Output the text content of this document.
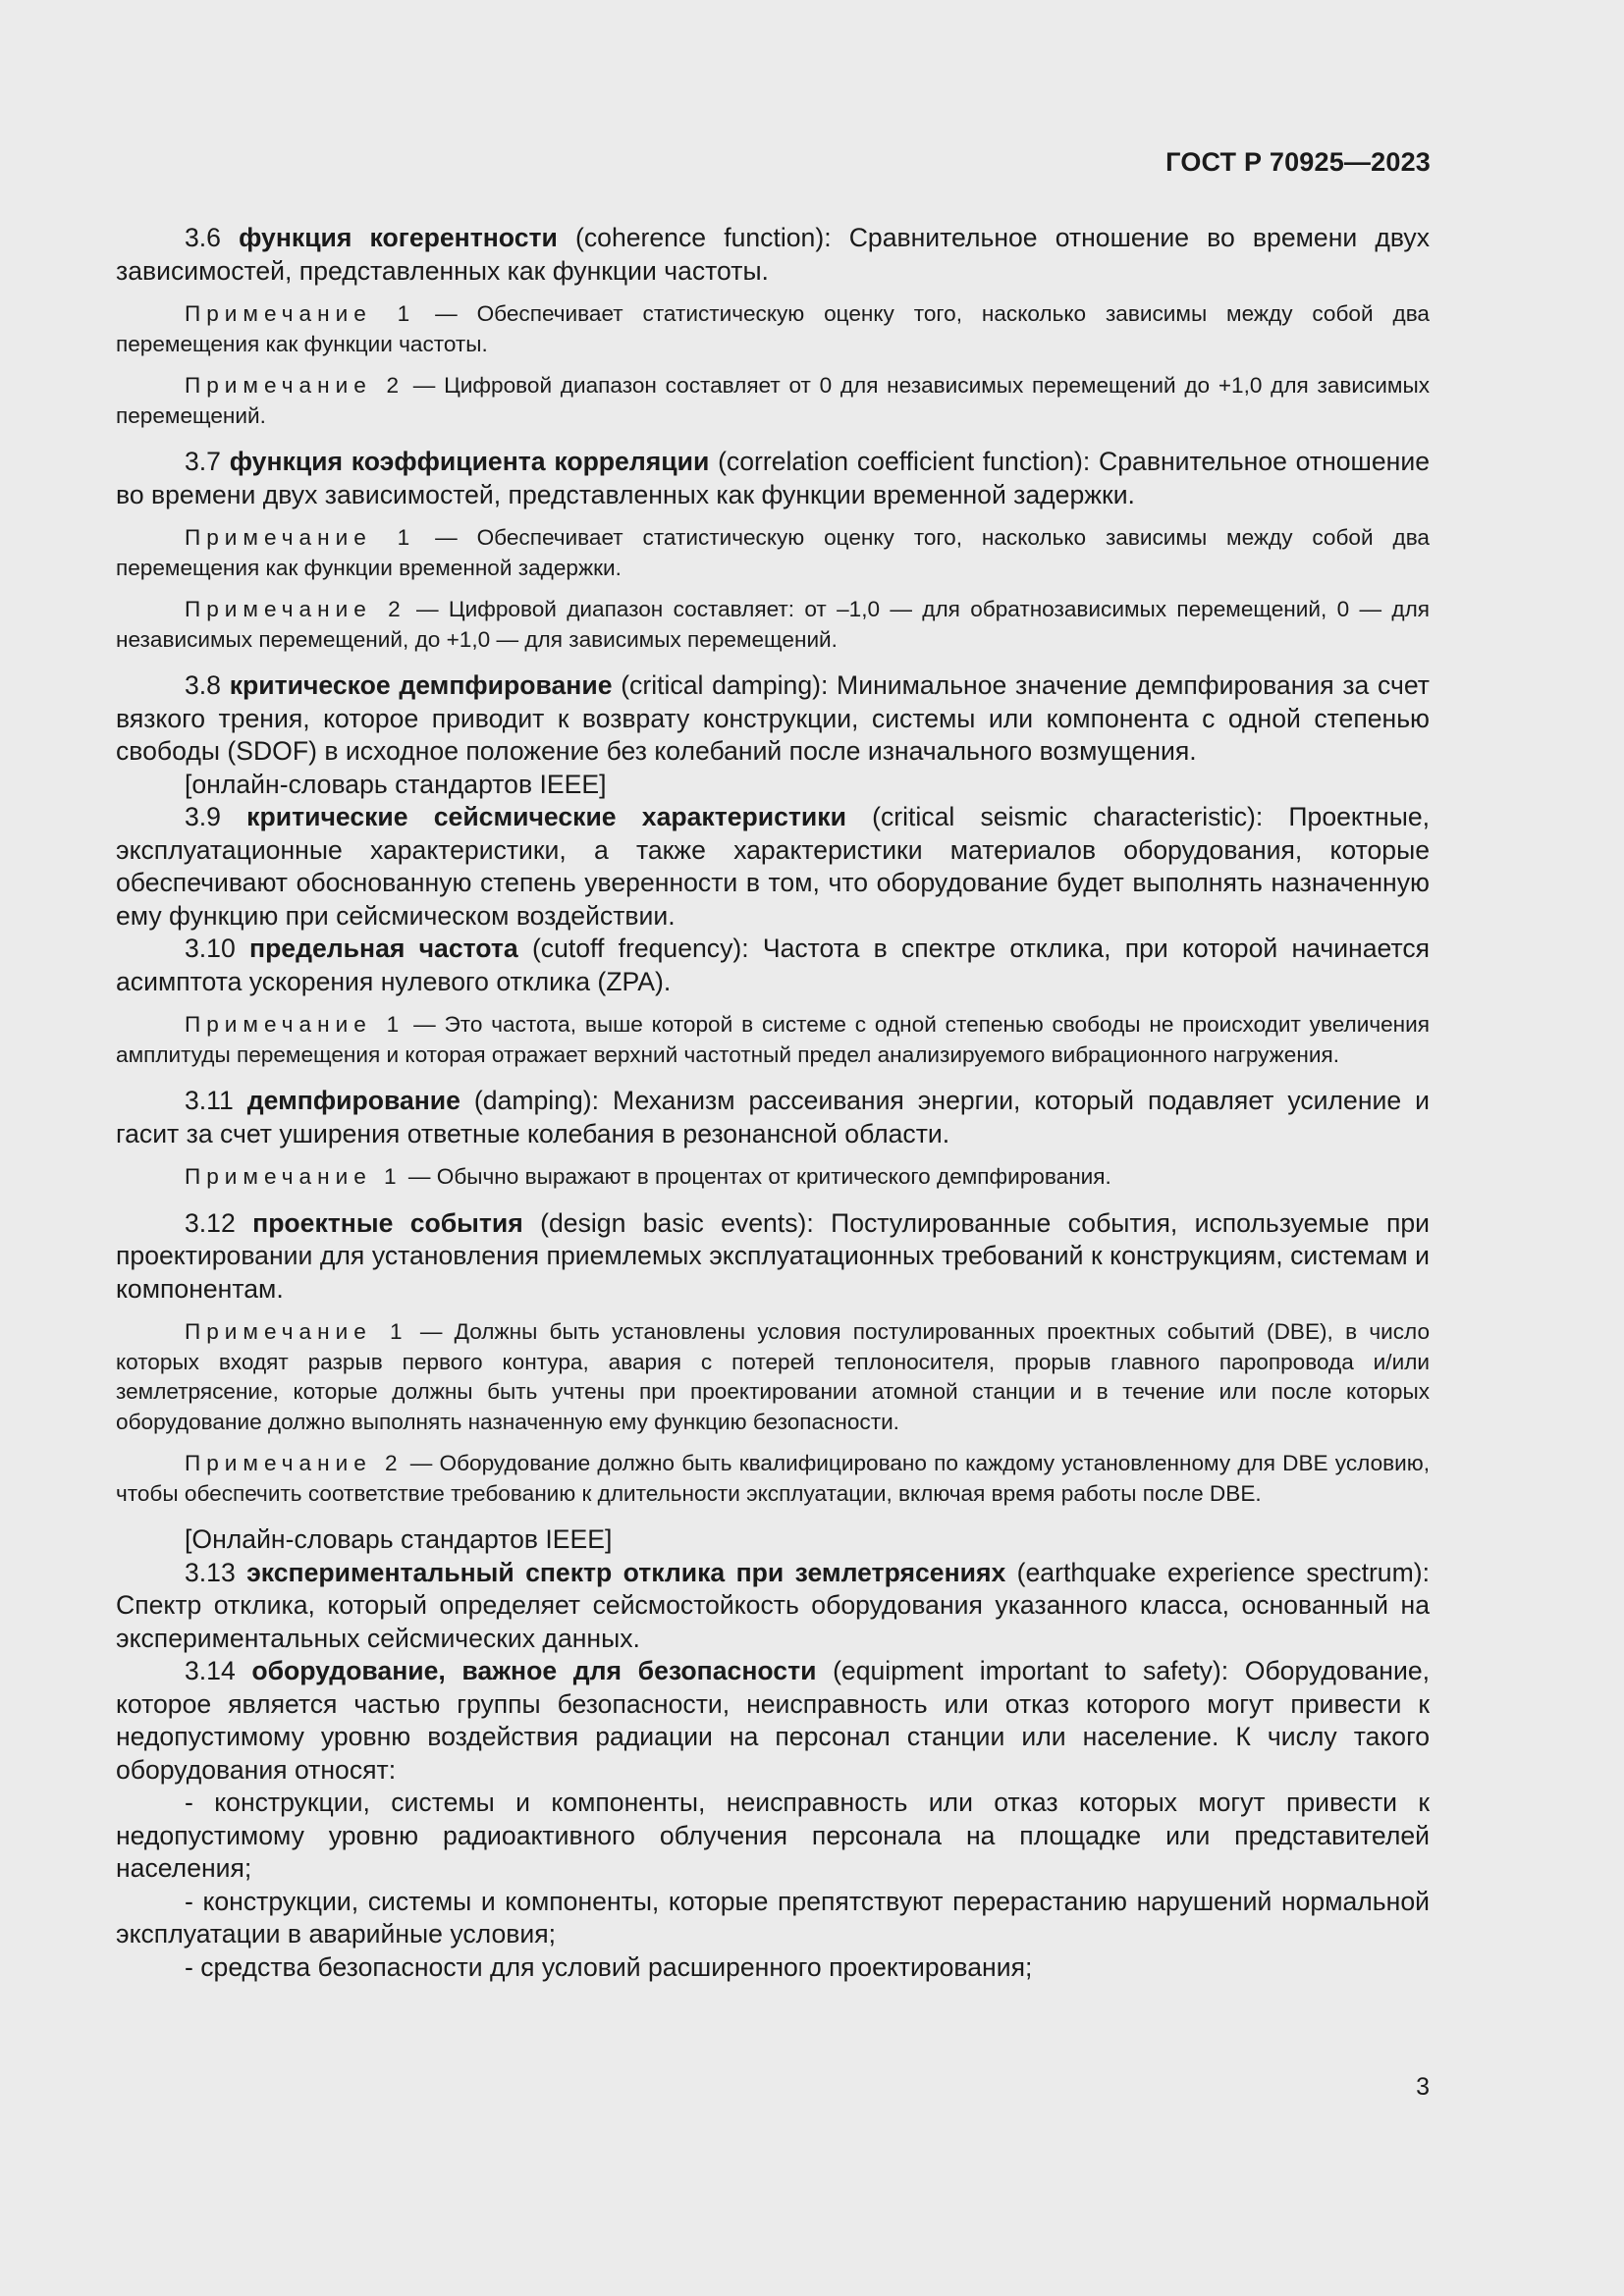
ГОСТ Р 70925—2023

3.6 функция когерентности (coherence function): Сравнительное отношение во времени двух зависимостей, представленных как функции частоты.

Примечание 1 — Обеспечивает статистическую оценку того, насколько зависимы между собой два перемещения как функции частоты.

Примечание 2 — Цифровой диапазон составляет от 0 для независимых перемещений до +1,0 для зависимых перемещений.

3.7 функция коэффициента корреляции (correlation coefficient function): Сравнительное отношение во времени двух зависимостей, представленных как функции временной задержки.

Примечание 1 — Обеспечивает статистическую оценку того, насколько зависимы между собой два перемещения как функции временной задержки.

Примечание 2 — Цифровой диапазон составляет: от –1,0 — для обратнозависимых перемещений, 0 — для независимых перемещений, до +1,0 — для зависимых перемещений.

3.8 критическое демпфирование (critical damping): Минимальное значение демпфирования за счет вязкого трения, которое приводит к возврату конструкции, системы или компонента с одной степенью свободы (SDOF) в исходное положение без колебаний после изначального возмущения.

[онлайн-словарь стандартов IEEE]

3.9 критические сейсмические характеристики (critical seismic characteristic): Проектные, эксплуатационные характеристики, а также характеристики материалов оборудования, которые обеспечивают обоснованную степень уверенности в том, что оборудование будет выполнять назначенную ему функцию при сейсмическом воздействии.

3.10 предельная частота (cutoff frequency): Частота в спектре отклика, при которой начинается асимптота ускорения нулевого отклика (ZPA).

Примечание 1 — Это частота, выше которой в системе с одной степенью свободы не происходит увеличения амплитуды перемещения и которая отражает верхний частотный предел анализируемого вибрационного нагружения.

3.11 демпфирование (damping): Механизм рассеивания энергии, который подавляет усиление и гасит за счет уширения ответные колебания в резонансной области.

Примечание 1 — Обычно выражают в процентах от критического демпфирования.

3.12 проектные события (design basic events): Постулированные события, используемые при проектировании для установления приемлемых эксплуатационных требований к конструкциям, системам и компонентам.

Примечание 1 — Должны быть установлены условия постулированных проектных событий (DBE), в число которых входят разрыв первого контура, авария с потерей теплоносителя, прорыв главного паропровода и/или землетрясение, которые должны быть учтены при проектировании атомной станции и в течение или после которых оборудование должно выполнять назначенную ему функцию безопасности.

Примечание 2 — Оборудование должно быть квалифицировано по каждому установленному для DBE условию, чтобы обеспечить соответствие требованию к длительности эксплуатации, включая время работы после DBE.

[Онлайн-словарь стандартов IEEE]

3.13 экспериментальный спектр отклика при землетрясениях (earthquake experience spectrum): Спектр отклика, который определяет сейсмостойкость оборудования указанного класса, основанный на экспериментальных сейсмических данных.

3.14 оборудование, важное для безопасности (equipment important to safety): Оборудование, которое является частью группы безопасности, неисправность или отказ которого могут привести к недопустимому уровню воздействия радиации на персонал станции или население. К числу такого оборудования относят:

- конструкции, системы и компоненты, неисправность или отказ которых могут привести к недопустимому уровню радиоактивного облучения персонала на площадке или представителей населения;

- конструкции, системы и компоненты, которые препятствуют перерастанию нарушений нормальной эксплуатации в аварийные условия;

- средства безопасности для условий расширенного проектирования;

3
